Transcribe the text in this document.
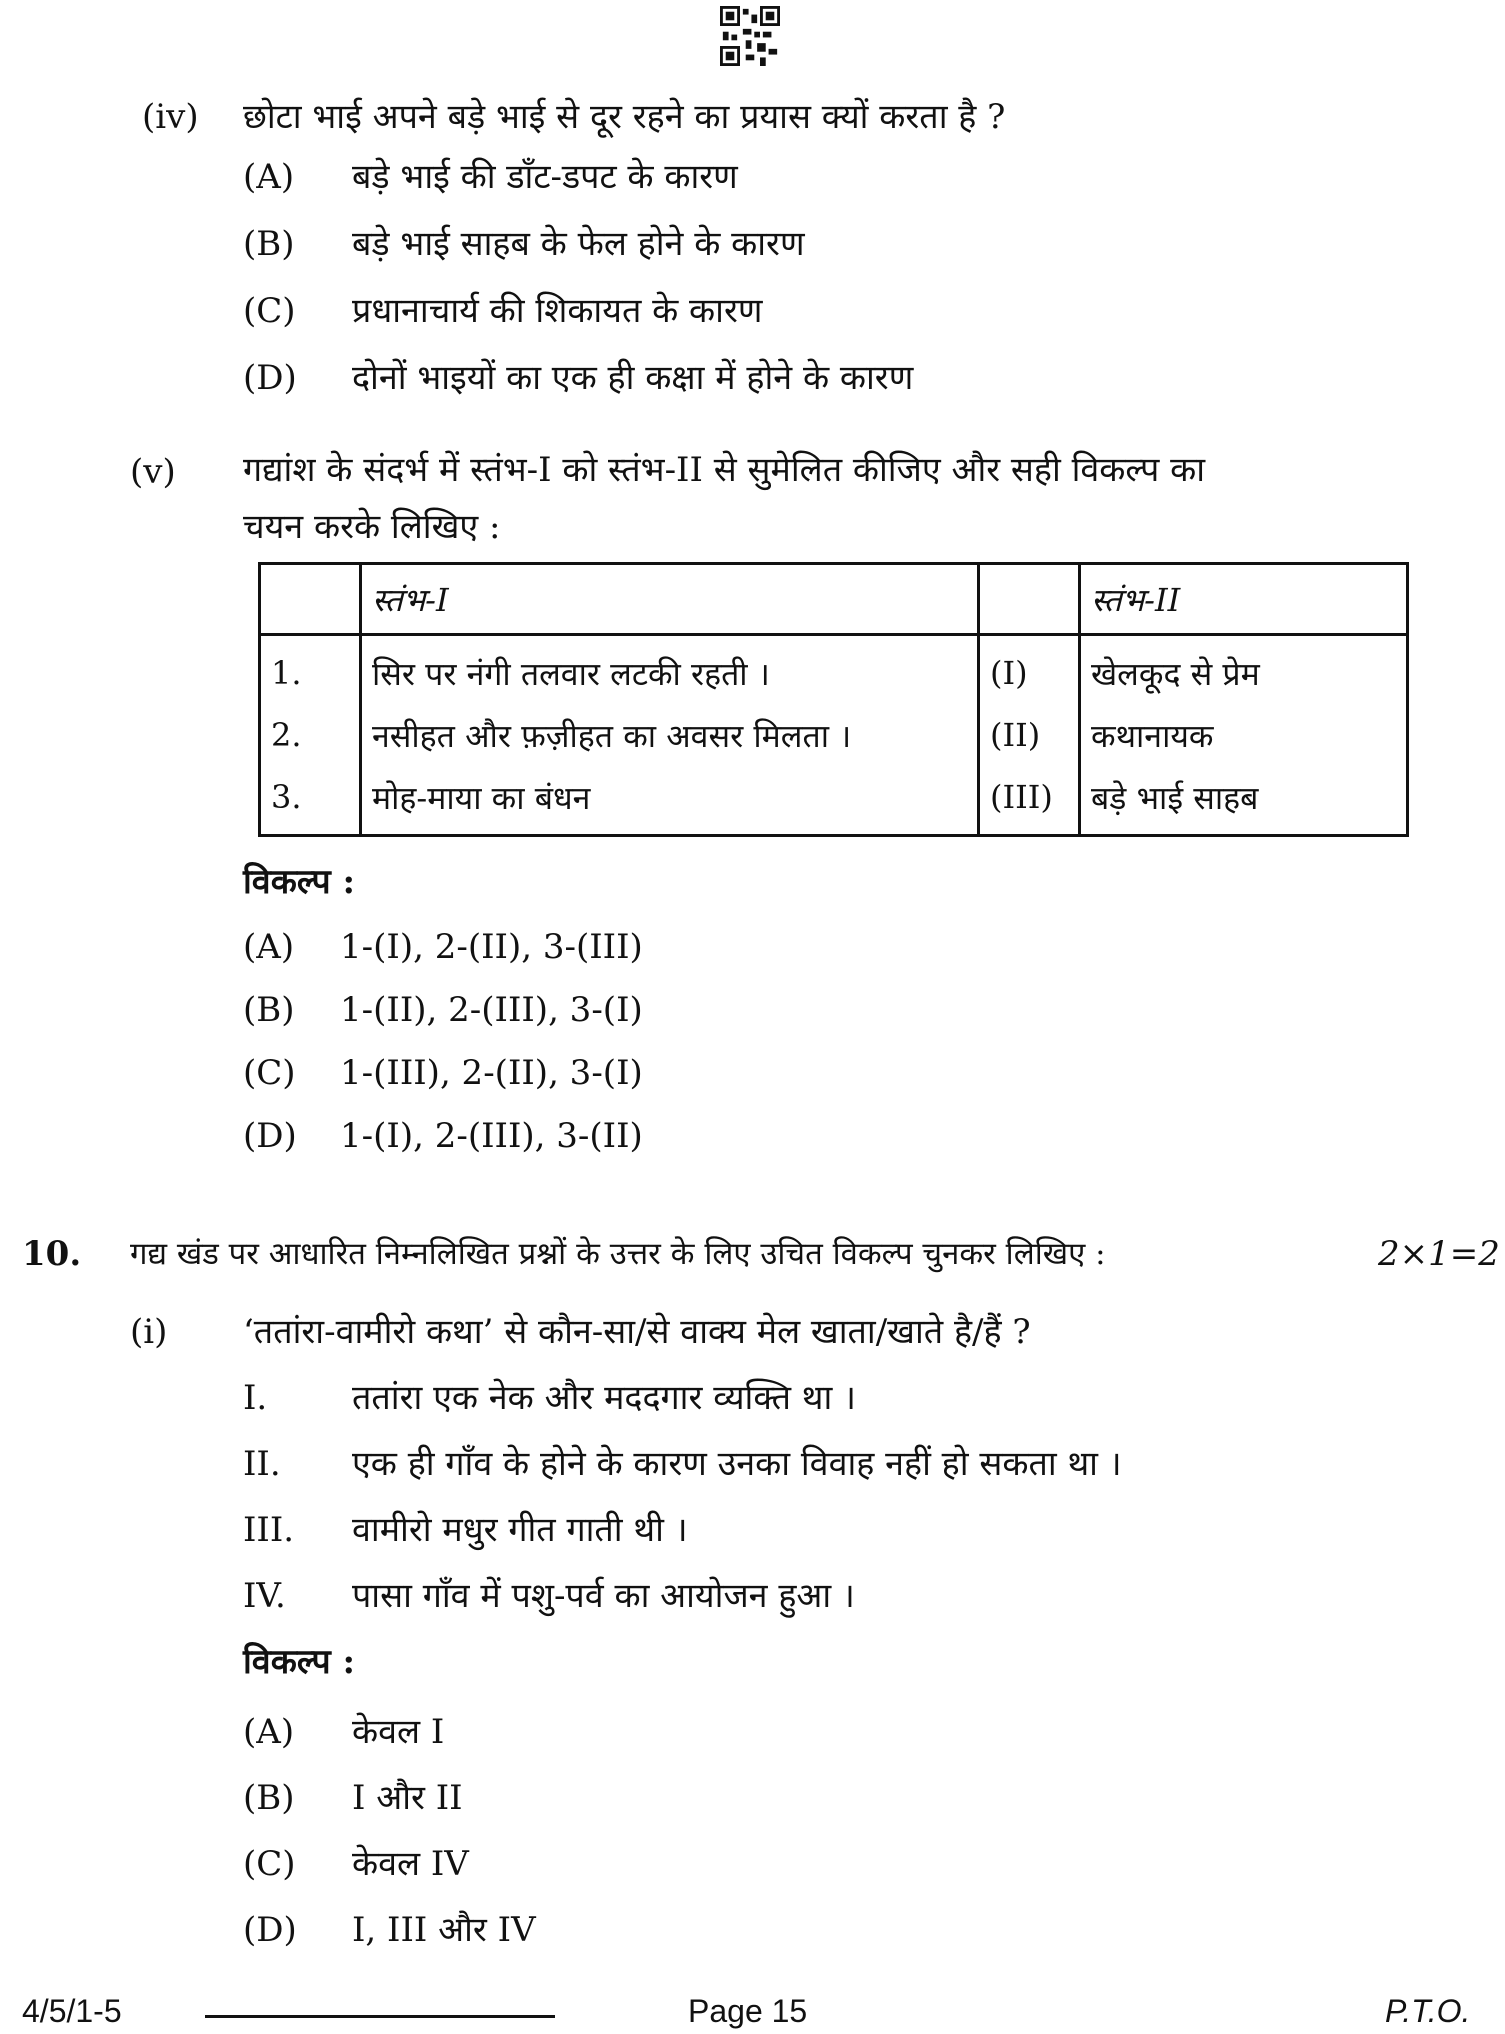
(iv) छोटा भाई अपने बड़े भाई से दूर रहने का प्रयास क्यों करता है ?
(A) बड़े भाई की डाँट-डपट के कारण
(B) बड़े भाई साहब के फेल होने के कारण
(C) प्रधानाचार्य की शिकायत के कारण
(D) दोनों भाइयों का एक ही कक्षा में होने के कारण
(v) गद्यांश के संदर्भ में स्तंभ-I को स्तंभ-II से सुमेलित कीजिए और सही विकल्प का
चयन करके लिखिए :
	स्तंभ-I		स्तंभ-II
1.	सिर पर नंगी तलवार लटकी रहती ।	(I)	खेलकूद से प्रेम
2.	नसीहत और फ़ज़ीहत का अवसर मिलता ।	(II)	कथानायक
3.	मोह-माया का बंधन	(III)	बड़े भाई साहब
विकल्प :
(A) 1-(I), 2-(II), 3-(III)
(B) 1-(II), 2-(III), 3-(I)
(C) 1-(III), 2-(II), 3-(I)
(D) 1-(I), 2-(III), 3-(II)
10. गद्य खंड पर आधारित निम्नलिखित प्रश्नों के उत्तर के लिए उचित विकल्प चुनकर लिखिए :	2×1=2
(i) ‘ततांरा-वामीरो कथा’ से कौन-सा/से वाक्य मेल खाता/खाते है/हैं ?
I. ततांरा एक नेक और मददगार व्यक्ति था ।
II. एक ही गाँव के होने के कारण उनका विवाह नहीं हो सकता था ।
III. वामीरो मधुर गीत गाती थी ।
IV. पासा गाँव में पशु-पर्व का आयोजन हुआ ।
विकल्प :
(A) केवल I
(B) I और II
(C) केवल IV
(D) I, III और IV
4/5/1-5	Page 15	P.T.O.
